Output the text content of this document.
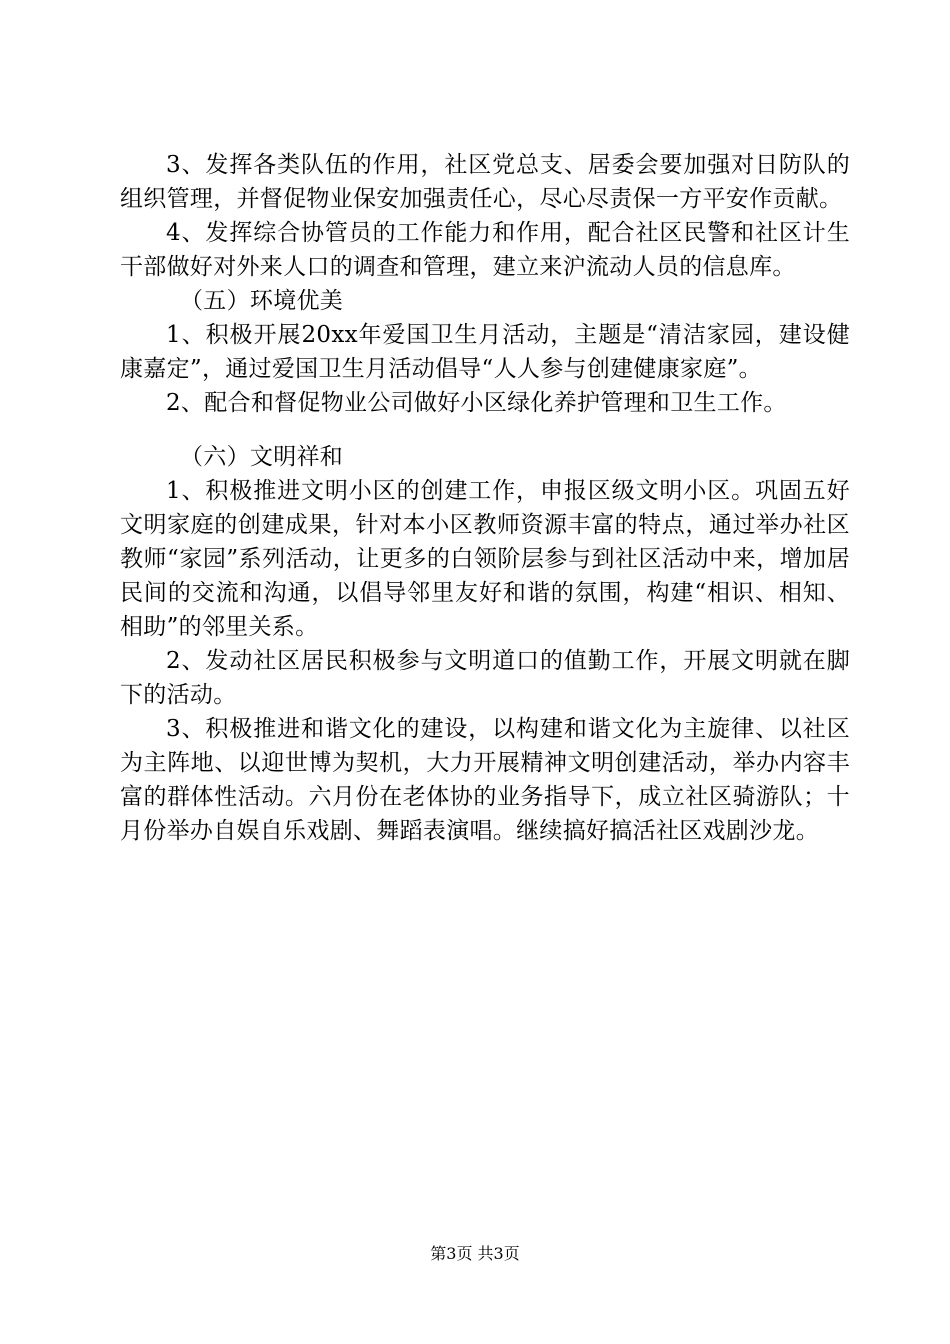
3、发挥各类队伍的作用，社区党总支、居委会要加强对日防队的组织管理，并督促物业保安加强责任心，尽心尽责保一方平安作贡献。

4、发挥综合协管员的工作能力和作用，配合社区民警和社区计生干部做好对外来人口的调查和管理，建立来沪流动人员的信息库。

（五）环境优美

1、积极开展20xx年爱国卫生月活动，主题是“清洁家园，建设健康嘉定”，通过爱国卫生月活动倡导“人人参与创建健康家庭”。

2、配合和督促物业公司做好小区绿化养护管理和卫生工作。

（六）文明祥和

1、积极推进文明小区的创建工作，申报区级文明小区。巩固五好文明家庭的创建成果，针对本小区教师资源丰富的特点，通过举办社区教师“家园”系列活动，让更多的白领阶层参与到社区活动中来，增加居民间的交流和沟通，以倡导邻里友好和谐的氛围，构建“相识、相知、相助”的邻里关系。

2、发动社区居民积极参与文明道口的值勤工作，开展文明就在脚下的活动。

3、积极推进和谐文化的建设，以构建和谐文化为主旋律、以社区为主阵地、以迎世博为契机，大力开展精神文明创建活动，举办内容丰富的群体性活动。六月份在老体协的业务指导下，成立社区骑游队；十月份举办自娱自乐戏剧、舞蹈表演唱。继续搞好搞活社区戏剧沙龙。

第3页 共3页
